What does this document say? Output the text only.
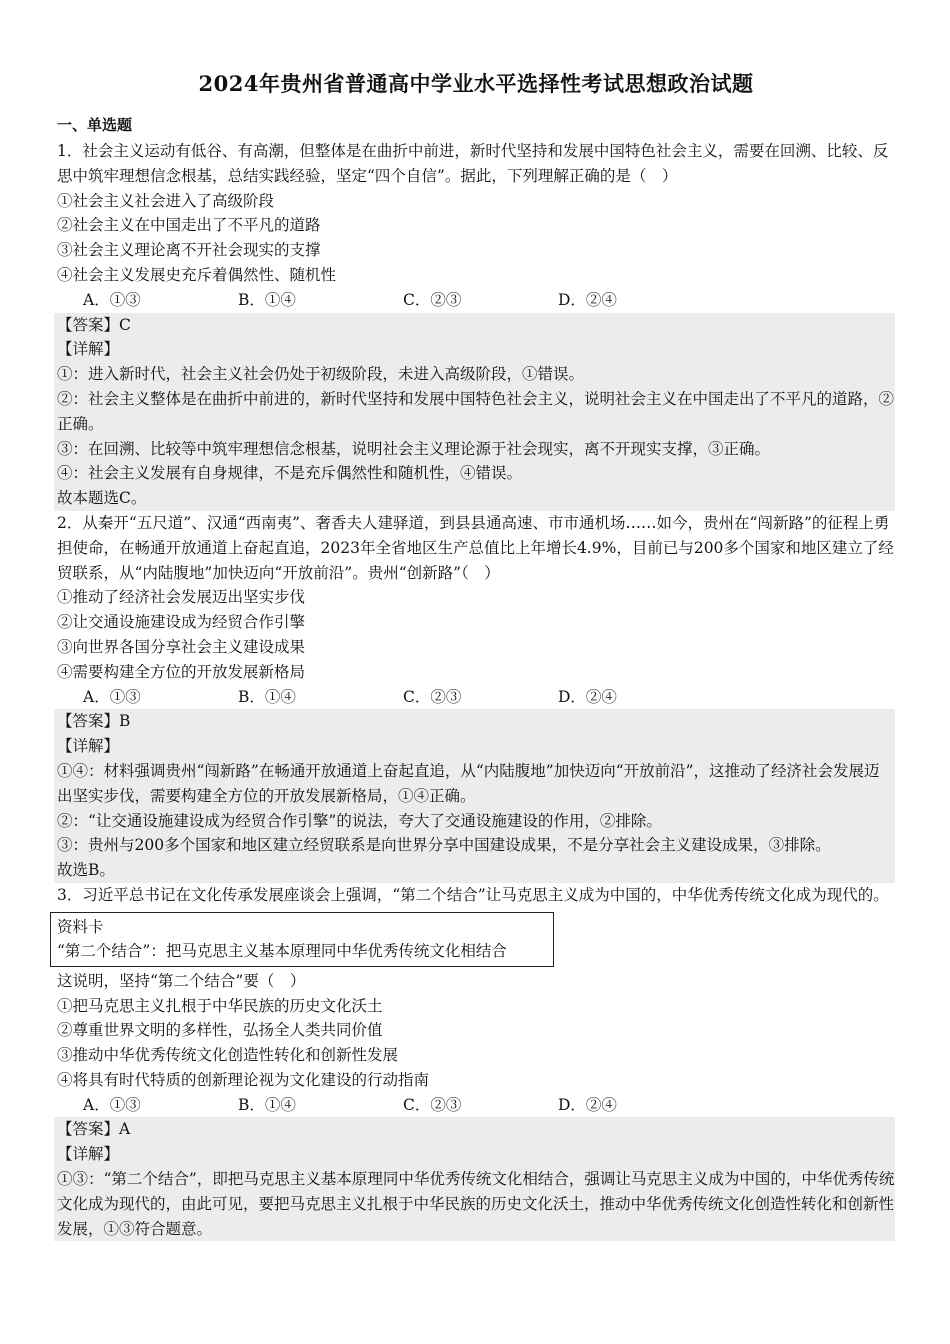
2024年贵州省普通高中学业水平选择性考试思想政治试题
一、单选题
1．社会主义运动有低谷、有高潮，但整体是在曲折中前进，新时代坚持和发展中国特色社会主义，需要在回溯、比较、反思中筑牢理想信念根基，总结实践经验，坚定“四个自信”。据此，下列理解正确的是（　）
①社会主义社会进入了高级阶段
②社会主义在中国走出了不平凡的道路
③社会主义理论离不开社会现实的支撑
④社会主义发展史充斥着偶然性、随机性
A．①③	B．①④	C．②③	D．②④
【答案】C
【详解】
①：进入新时代，社会主义社会仍处于初级阶段，未进入高级阶段，①错误。
②：社会主义整体是在曲折中前进的，新时代坚持和发展中国特色社会主义，说明社会主义在中国走出了不平凡的道路，②正确。
③：在回溯、比较等中筑牢理想信念根基，说明社会主义理论源于社会现实，离不开现实支撑，③正确。
④：社会主义发展有自身规律，不是充斥偶然性和随机性，④错误。
故本题选C。
2．从秦开“五尺道”、汉通“西南夷”、奢香夫人建驿道，到县县通高速、市市通机场……如今，贵州在“闯新路”的征程上勇担使命，在畅通开放通道上奋起直追，2023年全省地区生产总值比上年增长4.9%，目前已与200多个国家和地区建立了经贸联系，从“内陆腹地”加快迈向“开放前沿”。贵州“创新路”（　）
①推动了经济社会发展迈出坚实步伐
②让交通设施建设成为经贸合作引擎
③向世界各国分享社会主义建设成果
④需要构建全方位的开放发展新格局
A．①③	B．①④	C．②③	D．②④
【答案】B
【详解】
①④：材料强调贵州“闯新路”在畅通开放通道上奋起直追，从“内陆腹地”加快迈向“开放前沿”，这推动了经济社会发展迈出坚实步伐，需要构建全方位的开放发展新格局，①④正确。
②：“让交通设施建设成为经贸合作引擎”的说法，夸大了交通设施建设的作用，②排除。
③：贵州与200多个国家和地区建立经贸联系是向世界分享中国建设成果，不是分享社会主义建设成果，③排除。
故选B。
3．习近平总书记在文化传承发展座谈会上强调，“第二个结合”让马克思主义成为中国的，中华优秀传统文化成为现代的。
资料卡
“第二个结合”：把马克思主义基本原理同中华优秀传统文化相结合
这说明，坚持“第二个结合”要（　）
①把马克思主义扎根于中华民族的历史文化沃土
②尊重世界文明的多样性，弘扬全人类共同价值
③推动中华优秀传统文化创造性转化和创新性发展
④将具有时代特质的创新理论视为文化建设的行动指南
A．①③	B．①④	C．②③	D．②④
【答案】A
【详解】
①③：“第二个结合”，即把马克思主义基本原理同中华优秀传统文化相结合，强调让马克思主义成为中国的，中华优秀传统文化成为现代的，由此可见，要把马克思主义扎根于中华民族的历史文化沃土，推动中华优秀传统文化创造性转化和创新性发展，①③符合题意。
